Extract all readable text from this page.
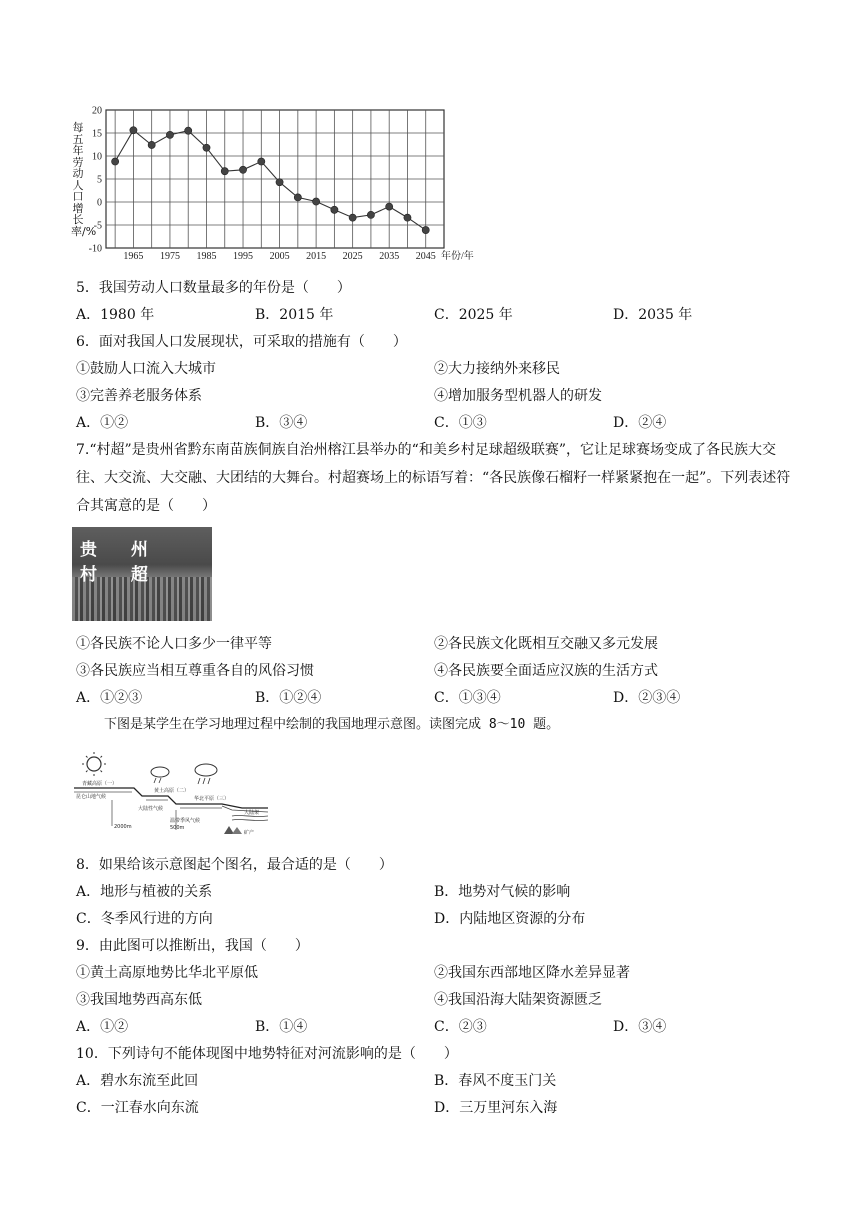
每五年劳动人口增长率/%
20
15
10
5
0
-5
-10
1965 1975 1985 1995 2005 2015 2025 2035 2045 年份/年
5．我国劳动人口数量最多的年份是（　　）
A．1980 年	B．2015 年	C．2025 年	D．2035 年
6．面对我国人口发展现状，可采取的措施有（　　）
①鼓励人口流入大城市	②大力接纳外来移民
③完善养老服务体系	④增加服务型机器人的研发
A．①②	B．③④	C．①③	D．②④
7.“村超”是贵州省黔东南苗族侗族自治州榕江县举办的“和美乡村足球超级联赛”，它让足球赛场变成了各民族大交往、大交流、大交融、大团结的大舞台。村超赛场上的标语写着：“各民族像石榴籽一样紧紧抱在一起”。下列表述符合其寓意的是（　　）
贵 州 村 超
①各民族不论人口多少一律平等	②各民族文化既相互交融又多元发展
③各民族应当相互尊重各自的风俗习惯	④各民族要全面适应汉族的生活方式
A．①②③	B．①②④	C．①③④	D．②③④
下图是某学生在学习地理过程中绘制的我国地理示意图。读图完成 8～10 题。
青藏高原（一）
昆仑山地气候
黄土高原（二）
大陆性气候
华北平原（三）
大陆架
温带季风气候
2000m	500m
矿产
8．如果给该示意图起个图名，最合适的是（　　）
A．地形与植被的关系	B．地势对气候的影响
C．冬季风行进的方向	D．内陆地区资源的分布
9．由此图可以推断出，我国（　　）
①黄土高原地势比华北平原低	②我国东西部地区降水差异显著
③我国地势西高东低	④我国沿海大陆架资源匮乏
A．①②	B．①④	C．②③	D．③④
10．下列诗句不能体现图中地势特征对河流影响的是（　　）
A．碧水东流至此回	B．春风不度玉门关
C．一江春水向东流	D．三万里河东入海
